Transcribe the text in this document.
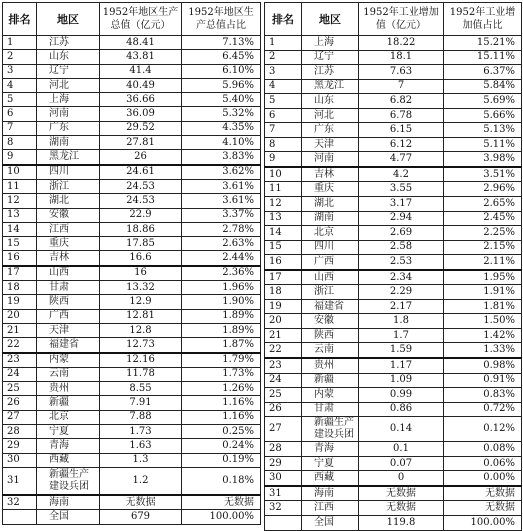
排名	地区	1952年地区生产总值（亿元）	1952年地区生产总值占比
1	江苏	48.41	7.13%
2	山东	43.81	6.45%
3	辽宁	41.4	6.10%
4	河北	40.49	5.96%
5	上海	36.66	5.40%
6	河南	36.09	5.32%
7	广东	29.52	4.35%
8	湖南	27.81	4.10%
9	黑龙江	26	3.83%
10	四川	24.61	3.62%
11	浙江	24.53	3.61%
12	湖北	24.53	3.61%
13	安徽	22.9	3.37%
14	江西	18.86	2.78%
15	重庆	17.85	2.63%
16	吉林	16.6	2.44%
17	山西	16	2.36%
18	甘肃	13.32	1.96%
19	陕西	12.9	1.90%
20	广西	12.81	1.89%
21	天津	12.8	1.89%
22	福建省	12.73	1.87%
23	内蒙	12.16	1.79%
24	云南	11.78	1.73%
25	贵州	8.55	1.26%
26	新疆	7.91	1.16%
27	北京	7.88	1.16%
28	宁夏	1.73	0.25%
29	青海	1.63	0.24%
30	西藏	1.3	0.19%
31	新疆生产建设兵团	1.2	0.18%
32	海南	无数据	无数据
	全国	679	100.00%
排名	地区	1952年工业增加值（亿元）	1952年工业增加值占比
1	上海	18.22	15.21%
2	辽宁	18.1	15.11%
3	江苏	7.63	6.37%
4	黑龙江	7	5.84%
5	山东	6.82	5.69%
6	河北	6.78	5.66%
7	广东	6.15	5.13%
8	天津	6.12	5.11%
9	河南	4.77	3.98%
10	吉林	4.2	3.51%
11	重庆	3.55	2.96%
12	湖北	3.17	2.65%
13	湖南	2.94	2.45%
14	北京	2.69	2.25%
15	四川	2.58	2.15%
16	广西	2.53	2.11%
17	山西	2.34	1.95%
18	浙江	2.29	1.91%
19	福建省	2.17	1.81%
20	安徽	1.8	1.50%
21	陕西	1.7	1.42%
22	云南	1.59	1.33%
23	贵州	1.17	0.98%
24	新疆	1.09	0.91%
25	内蒙	0.99	0.83%
26	甘肃	0.86	0.72%
27	新疆生产建设兵团	0.14	0.12%
28	青海	0.1	0.08%
29	宁夏	0.07	0.06%
30	西藏	0	0.00%
31	海南	无数据	无数据
32	江西	无数据	无数据
	全国	119.8	100.00%
